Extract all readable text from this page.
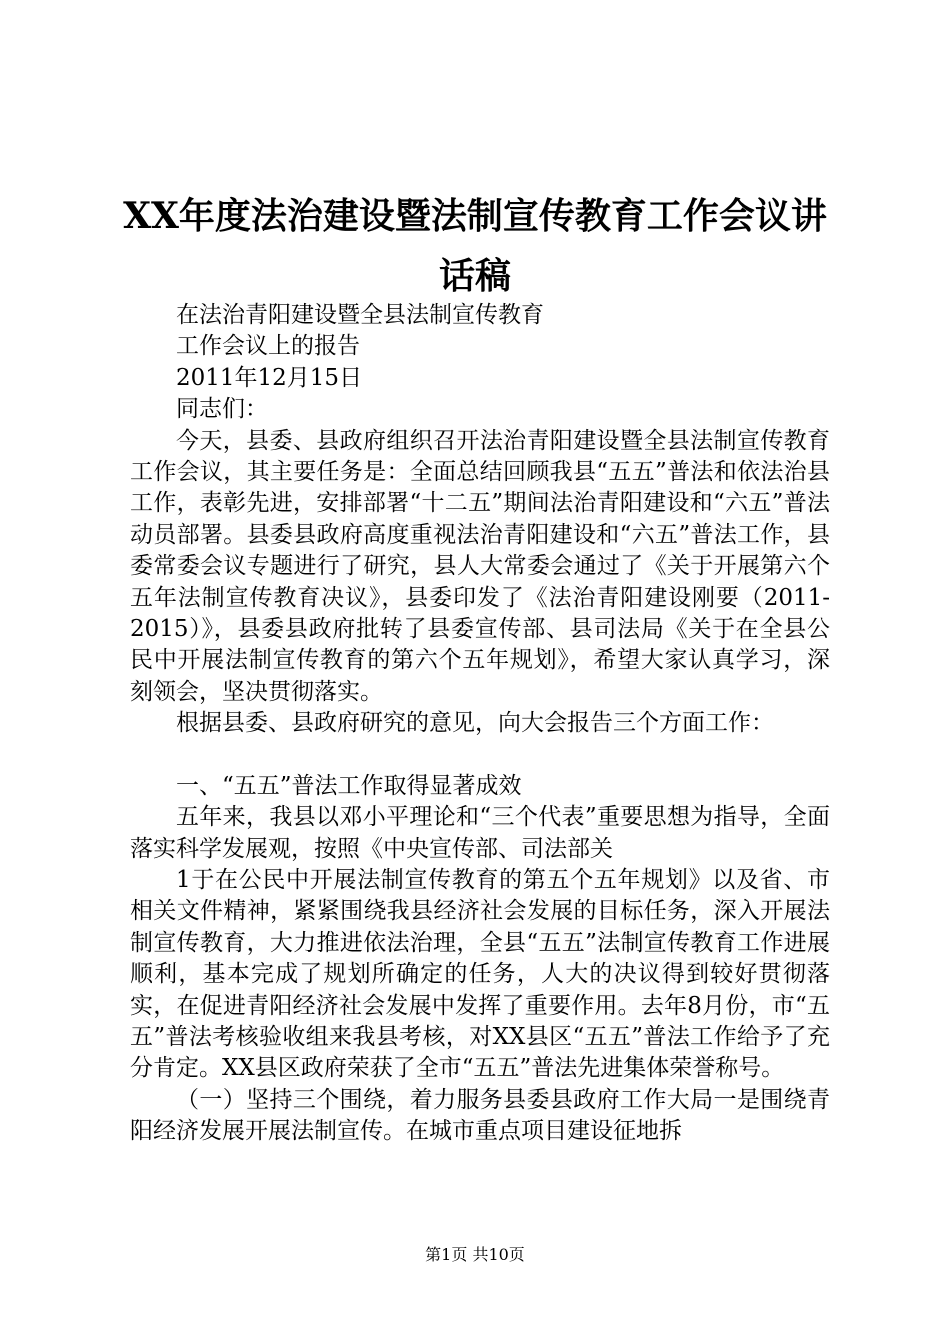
XX年度法治建设暨法制宣传教育工作会议讲
话稿

在法治青阳建设暨全县法制宣传教育

工作会议上的报告

2011年12月15日

同志们：

今天，县委、县政府组织召开法治青阳建设暨全县法制宣传教育工作会议，其主要任务是：全面总结回顾我县“五五”普法和依法治县工作，表彰先进，安排部署“十二五”期间法治青阳建设和“六五”普法动员部署。县委县政府高度重视法治青阳建设和“六五”普法工作，县委常委会议专题进行了研究，县人大常委会通过了《关于开展第六个五年法制宣传教育决议》，县委印发了《法治青阳建设刚要（2011-2015）》，县委县政府批转了县委宣传部、县司法局《关于在全县公民中开展法制宣传教育的第六个五年规划》，希望大家认真学习，深刻领会，坚决贯彻落实。

根据县委、县政府研究的意见，向大会报告三个方面工作：

一、“五五”普法工作取得显著成效

五年来，我县以邓小平理论和“三个代表”重要思想为指导，全面落实科学发展观，按照《中央宣传部、司法部关

1于在公民中开展法制宣传教育的第五个五年规划》以及省、市相关文件精神，紧紧围绕我县经济社会发展的目标任务，深入开展法制宣传教育，大力推进依法治理，全县“五五”法制宣传教育工作进展顺利，基本完成了规划所确定的任务，人大的决议得到较好贯彻落实，在促进青阳经济社会发展中发挥了重要作用。去年8月份，市“五五”普法考核验收组来我县考核，对XX县区“五五”普法工作给予了充分肯定。XX县区政府荣获了全市“五五”普法先进集体荣誉称号。

（一）坚持三个围绕，着力服务县委县政府工作大局一是围绕青阳经济发展开展法制宣传。在城市重点项目建设征地拆

第1页 共10页
